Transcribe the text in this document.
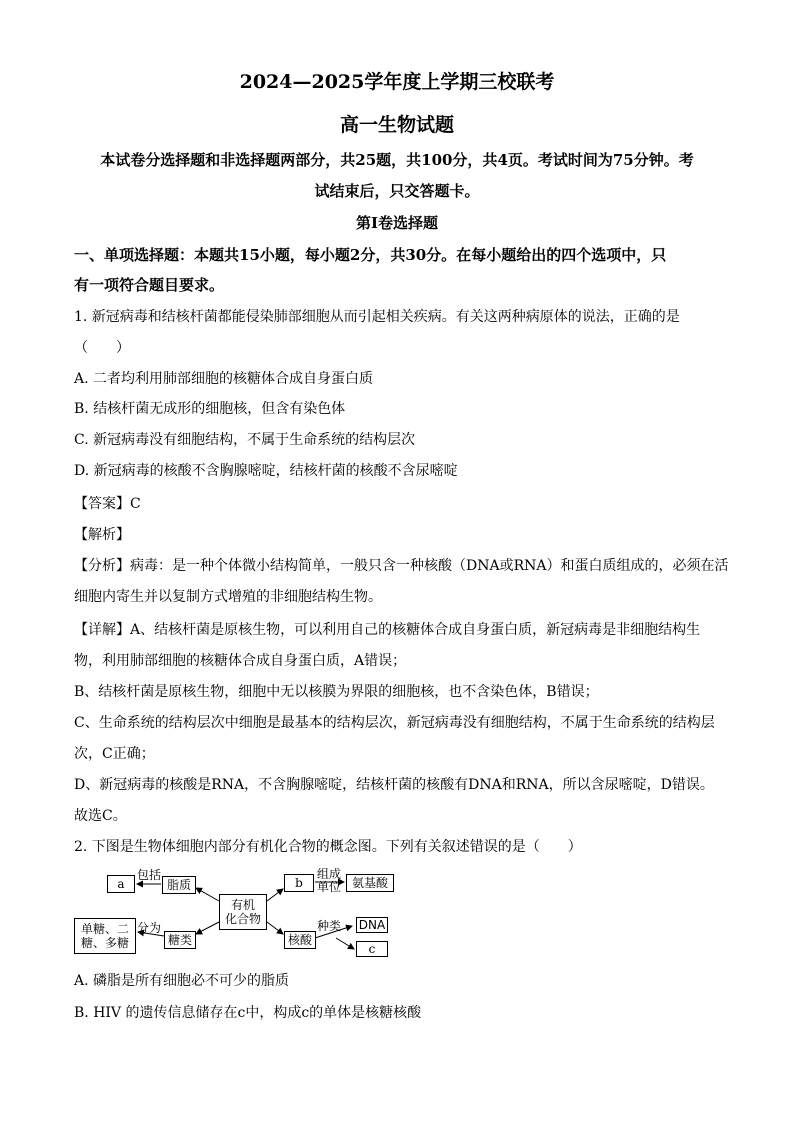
2024—2025学年度上学期三校联考
高一生物试题
本试卷分选择题和非选择题两部分，共25题，共100分，共4页。考试时间为75分钟。考
试结束后，只交答题卡。
第Ⅰ卷选择题
一、单项选择题：本题共15小题，每小题2分，共30分。在每小题给出的四个选项中，只
有一项符合题目要求。
1. 新冠病毒和结核杆菌都能侵染肺部细胞从而引起相关疾病。有关这两种病原体的说法，正确的是
（　　）
A. 二者均利用肺部细胞的核糖体合成自身蛋白质
B. 结核杆菌无成形的细胞核，但含有染色体
C. 新冠病毒没有细胞结构，不属于生命系统的结构层次
D. 新冠病毒的核酸不含胸腺嘧啶，结核杆菌的核酸不含尿嘧啶
【答案】C
【解析】
【分析】病毒：是一种个体微小结构简单，一般只含一种核酸（DNA或RNA）和蛋白质组成的，必须在活
细胞内寄生并以复制方式增殖的非细胞结构生物。
【详解】A、结核杆菌是原核生物，可以利用自己的核糖体合成自身蛋白质，新冠病毒是非细胞结构生
物，利用肺部细胞的核糖体合成自身蛋白质，A错误；
B、结核杆菌是原核生物，细胞中无以核膜为界限的细胞核，也不含染色体，B错误；
C、生命系统的结构层次中细胞是最基本的结构层次，新冠病毒没有细胞结构，不属于生命系统的结构层
次，C正确；
D、新冠病毒的核酸是RNA，不含胸腺嘧啶，结核杆菌的核酸有DNA和RNA，所以含尿嘧啶，D错误。
故选C。
2. 下图是生物体细胞内部分有机化合物的概念图。下列有关叙述错误的是（　　）
a
包括
脂质
有机
化合物
b
组成
单位 氨基酸
单糖、二
糖、多糖
分为
糖类	核酸
种类 DNA
c
A. 磷脂是所有细胞必不可少的脂质
B. HIV 的遗传信息储存在c中，构成c的单体是核糖核酸
